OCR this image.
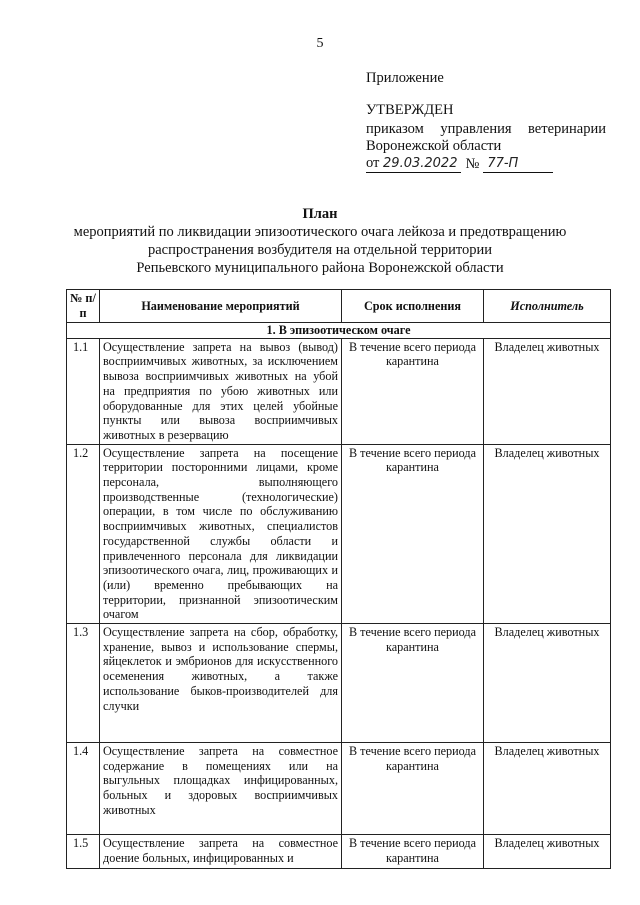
5
Приложение
УТВЕРЖДЕН
приказом управления ветеринарии
Воронежской области
от 29.03.2022 № 77-П
План
мероприятий по ликвидации эпизоотического очага лейкоза и предотвращению
распространения возбудителя на отдельной территории
Репьевского муниципального района Воронежской области
№ п/п	Наименование мероприятий	Срок исполнения	Исполнитель
1. В эпизоотическом очаге			
1.1	Осуществление запрета на вывоз (вывод) восприимчивых животных, за исключением вывоза восприимчивых животных на убой на предприятия по убою животных или оборудованные для этих целей убойные пункты или вывоза восприимчивых животных в резервацию	В течение всего периода карантина	Владелец животных
1.2	Осуществление запрета на посещение территории посторонними лицами, кроме персонала, выполняющего производственные (технологические) операции, в том числе по обслуживанию восприимчивых животных, специалистов государственной службы области и привлеченного персонала для ликвидации эпизоотического очага, лиц, проживающих и (или) временно пребывающих на территории, признанной эпизоотическим очагом	В течение всего периода карантина	Владелец животных
1.3	Осуществление запрета на сбор, обработку, хранение, вывоз и использование спермы, яйцеклеток и эмбрионов для искусственного осеменения животных, а также использование быков-производителей для случки	В течение всего периода карантина	Владелец животных
1.4	Осуществление запрета на совместное содержание в помещениях или на выгульных площадках инфицированных, больных и здоровых восприимчивых животных	В течение всего периода карантина	Владелец животных
1.5	Осуществление запрета на совместное доение больных, инфицированных и	В течение всего периода карантина	Владелец животных
